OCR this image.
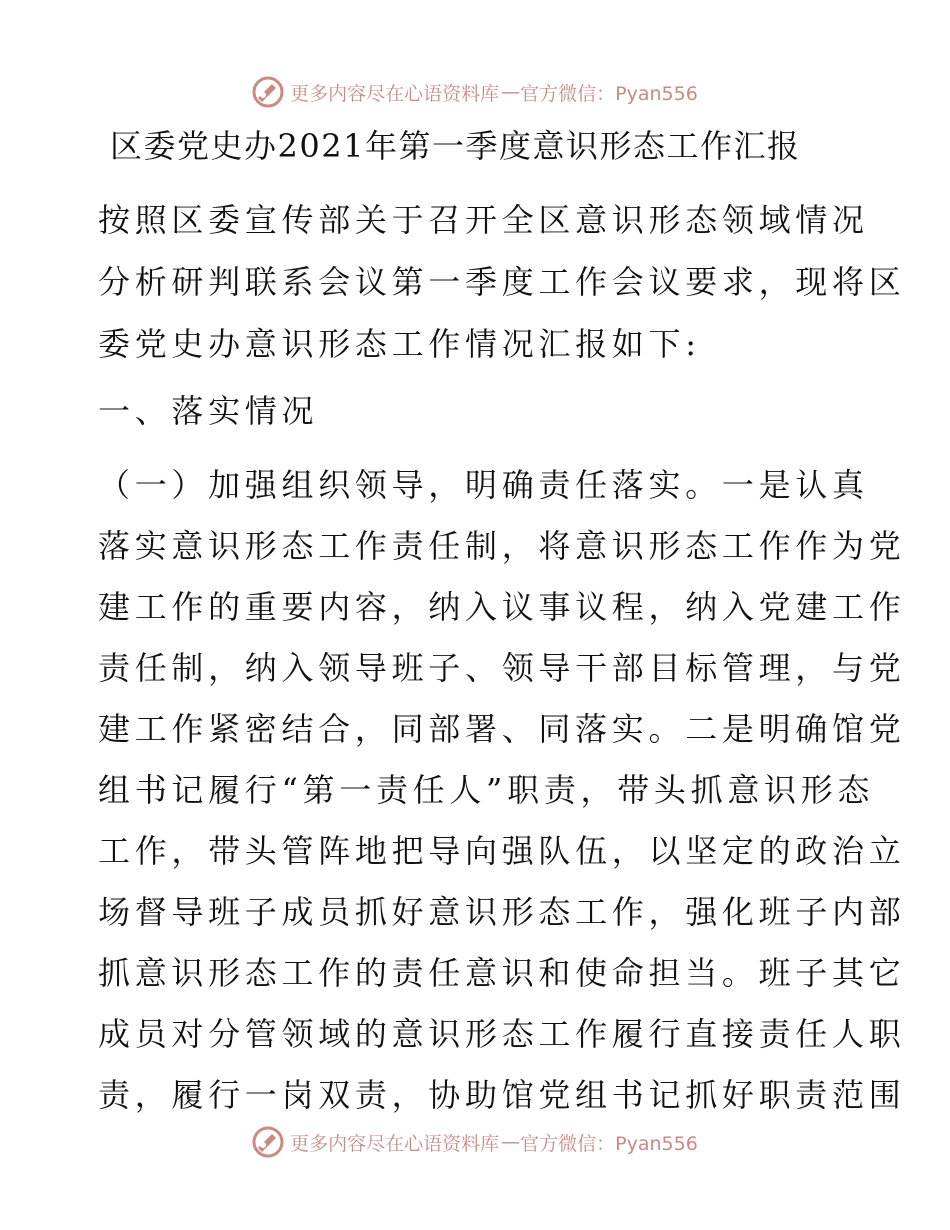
更多内容尽在心语资料库 — 官方微信：Pyan556
区委党史办2021年第一季度意识形态工作汇报
按照区委宣传部关于召开全区意识形态领域情况
分析研判联系会议第一季度工作会议要求，现将区
委党史办意识形态工作情况汇报如下:
一、落实情况
（一）加强组织领导，明确责任落实。一是认真
落实意识形态工作责任制，将意识形态工作作为党
建工作的重要内容，纳入议事议程，纳入党建工作
责任制，纳入领导班子、领导干部目标管理，与党
建工作紧密结合，同部署、同落实。二是明确馆党
组书记履行“第一责任人”职责，带头抓意识形态
工作，带头管阵地把导向强队伍，以坚定的政治立
场督导班子成员抓好意识形态工作，强化班子内部
抓意识形态工作的责任意识和使命担当。班子其它
成员对分管领域的意识形态工作履行直接责任人职
责，履行一岗双责，协助馆党组书记抓好职责范围
更多内容尽在心语资料库 — 官方微信：Pyan556
